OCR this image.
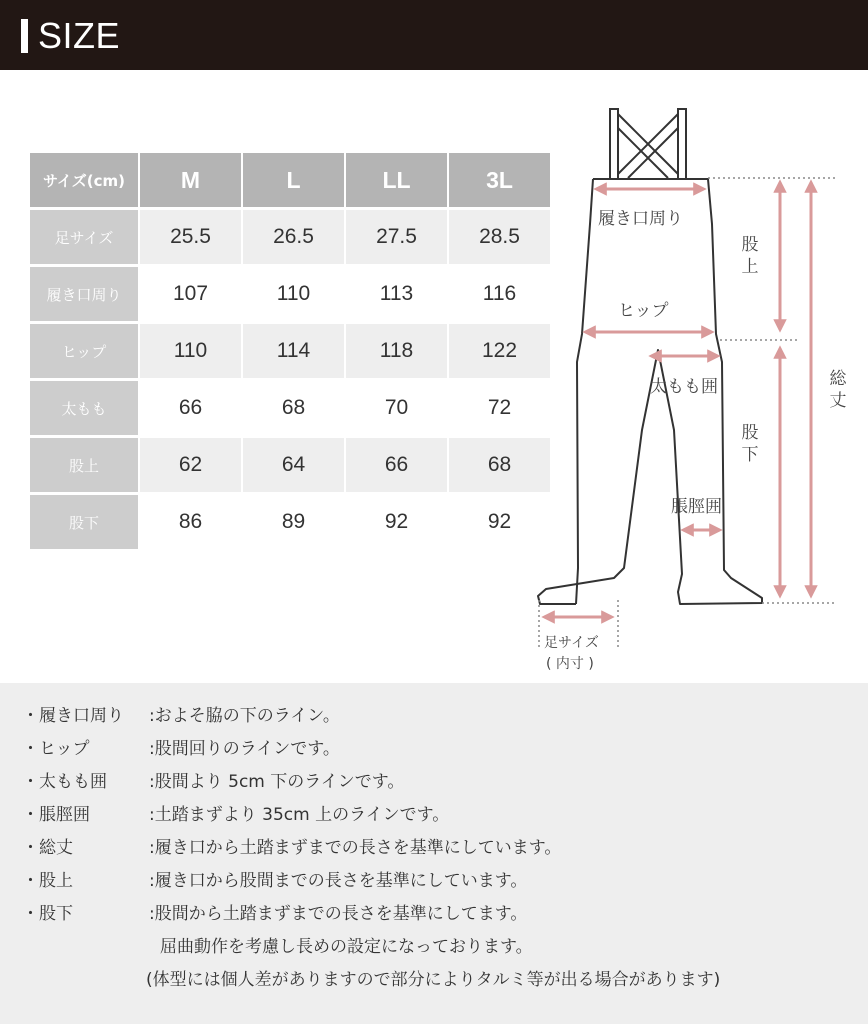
SIZE
サイズ(cm)	M	L	LL	3L
足サイズ	25.5	26.5	27.5	28.5
履き口周り	107	110	113	116
ヒップ	110	114	118	122
太もも	66	68	70	72
股上	62	64	66	68
股下	86	89	92	92
履き口周り
ヒップ
太もも囲
脹脛囲
股上
股下
総丈
足サイズ
( 内寸 )
・履き口周り :およそ脇の下のライン。
・ヒップ	:股間回りのラインです。
・太もも囲 :股間より 5cm 下のラインです。
・脹脛囲	:土踏まずより 35cm 上のラインです。
・総丈	:履き口から土踏まずまでの長さを基準にしています。
・股上	:履き口から股間までの長さを基準にしています。
・股下	:股間から土踏まずまでの長さを基準にしてます。
屈曲動作を考慮し長めの設定になっております。
(体型には個人差がありますので部分によりタルミ等が出る場合があります)
